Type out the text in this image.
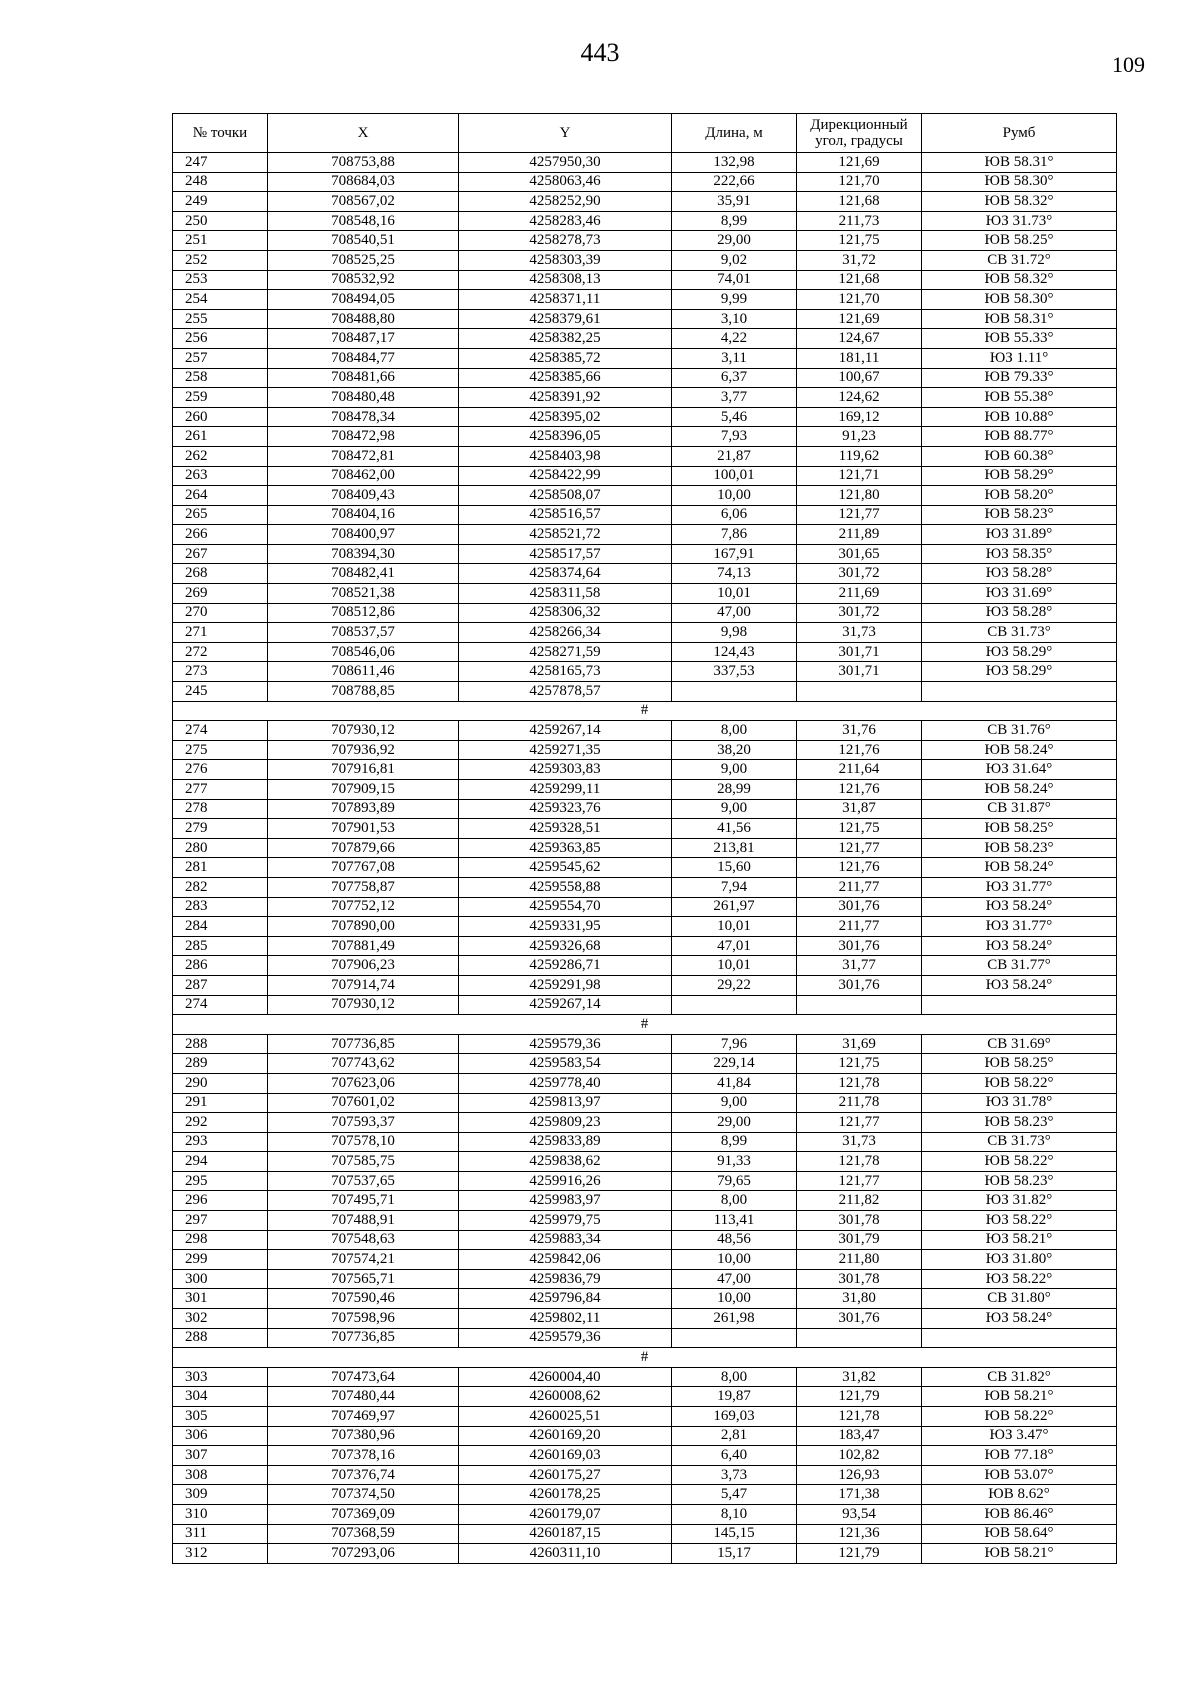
443	109
№ точки	X	Y	Длина, м	Дирекционный угол, градусы	Румб
247	708753,88	4257950,30	132,98	121,69	ЮВ 58.31°
248	708684,03	4258063,46	222,66	121,70	ЮВ 58.30°
249	708567,02	4258252,90	35,91	121,68	ЮВ 58.32°
250	708548,16	4258283,46	8,99	211,73	ЮЗ 31.73°
251	708540,51	4258278,73	29,00	121,75	ЮВ 58.25°
252	708525,25	4258303,39	9,02	31,72	СВ 31.72°
253	708532,92	4258308,13	74,01	121,68	ЮВ 58.32°
254	708494,05	4258371,11	9,99	121,70	ЮВ 58.30°
255	708488,80	4258379,61	3,10	121,69	ЮВ 58.31°
256	708487,17	4258382,25	4,22	124,67	ЮВ 55.33°
257	708484,77	4258385,72	3,11	181,11	ЮЗ 1.11°
258	708481,66	4258385,66	6,37	100,67	ЮВ 79.33°
259	708480,48	4258391,92	3,77	124,62	ЮВ 55.38°
260	708478,34	4258395,02	5,46	169,12	ЮВ 10.88°
261	708472,98	4258396,05	7,93	91,23	ЮВ 88.77°
262	708472,81	4258403,98	21,87	119,62	ЮВ 60.38°
263	708462,00	4258422,99	100,01	121,71	ЮВ 58.29°
264	708409,43	4258508,07	10,00	121,80	ЮВ 58.20°
265	708404,16	4258516,57	6,06	121,77	ЮВ 58.23°
266	708400,97	4258521,72	7,86	211,89	ЮЗ 31.89°
267	708394,30	4258517,57	167,91	301,65	ЮЗ 58.35°
268	708482,41	4258374,64	74,13	301,72	ЮЗ 58.28°
269	708521,38	4258311,58	10,01	211,69	ЮЗ 31.69°
270	708512,86	4258306,32	47,00	301,72	ЮЗ 58.28°
271	708537,57	4258266,34	9,98	31,73	СВ 31.73°
272	708546,06	4258271,59	124,43	301,71	ЮЗ 58.29°
273	708611,46	4258165,73	337,53	301,71	ЮЗ 58.29°
245	708788,85	4257878,57			
#					
274	707930,12	4259267,14	8,00	31,76	СВ 31.76°
275	707936,92	4259271,35	38,20	121,76	ЮВ 58.24°
276	707916,81	4259303,83	9,00	211,64	ЮЗ 31.64°
277	707909,15	4259299,11	28,99	121,76	ЮВ 58.24°
278	707893,89	4259323,76	9,00	31,87	СВ 31.87°
279	707901,53	4259328,51	41,56	121,75	ЮВ 58.25°
280	707879,66	4259363,85	213,81	121,77	ЮВ 58.23°
281	707767,08	4259545,62	15,60	121,76	ЮВ 58.24°
282	707758,87	4259558,88	7,94	211,77	ЮЗ 31.77°
283	707752,12	4259554,70	261,97	301,76	ЮЗ 58.24°
284	707890,00	4259331,95	10,01	211,77	ЮЗ 31.77°
285	707881,49	4259326,68	47,01	301,76	ЮЗ 58.24°
286	707906,23	4259286,71	10,01	31,77	СВ 31.77°
287	707914,74	4259291,98	29,22	301,76	ЮЗ 58.24°
274	707930,12	4259267,14			
#					
288	707736,85	4259579,36	7,96	31,69	СВ 31.69°
289	707743,62	4259583,54	229,14	121,75	ЮВ 58.25°
290	707623,06	4259778,40	41,84	121,78	ЮВ 58.22°
291	707601,02	4259813,97	9,00	211,78	ЮЗ 31.78°
292	707593,37	4259809,23	29,00	121,77	ЮВ 58.23°
293	707578,10	4259833,89	8,99	31,73	СВ 31.73°
294	707585,75	4259838,62	91,33	121,78	ЮВ 58.22°
295	707537,65	4259916,26	79,65	121,77	ЮВ 58.23°
296	707495,71	4259983,97	8,00	211,82	ЮЗ 31.82°
297	707488,91	4259979,75	113,41	301,78	ЮЗ 58.22°
298	707548,63	4259883,34	48,56	301,79	ЮЗ 58.21°
299	707574,21	4259842,06	10,00	211,80	ЮЗ 31.80°
300	707565,71	4259836,79	47,00	301,78	ЮЗ 58.22°
301	707590,46	4259796,84	10,00	31,80	СВ 31.80°
302	707598,96	4259802,11	261,98	301,76	ЮЗ 58.24°
288	707736,85	4259579,36			
#					
303	707473,64	4260004,40	8,00	31,82	СВ 31.82°
304	707480,44	4260008,62	19,87	121,79	ЮВ 58.21°
305	707469,97	4260025,51	169,03	121,78	ЮВ 58.22°
306	707380,96	4260169,20	2,81	183,47	ЮЗ 3.47°
307	707378,16	4260169,03	6,40	102,82	ЮВ 77.18°
308	707376,74	4260175,27	3,73	126,93	ЮВ 53.07°
309	707374,50	4260178,25	5,47	171,38	ЮВ 8.62°
310	707369,09	4260179,07	8,10	93,54	ЮВ 86.46°
311	707368,59	4260187,15	145,15	121,36	ЮВ 58.64°
312	707293,06	4260311,10	15,17	121,79	ЮВ 58.21°
